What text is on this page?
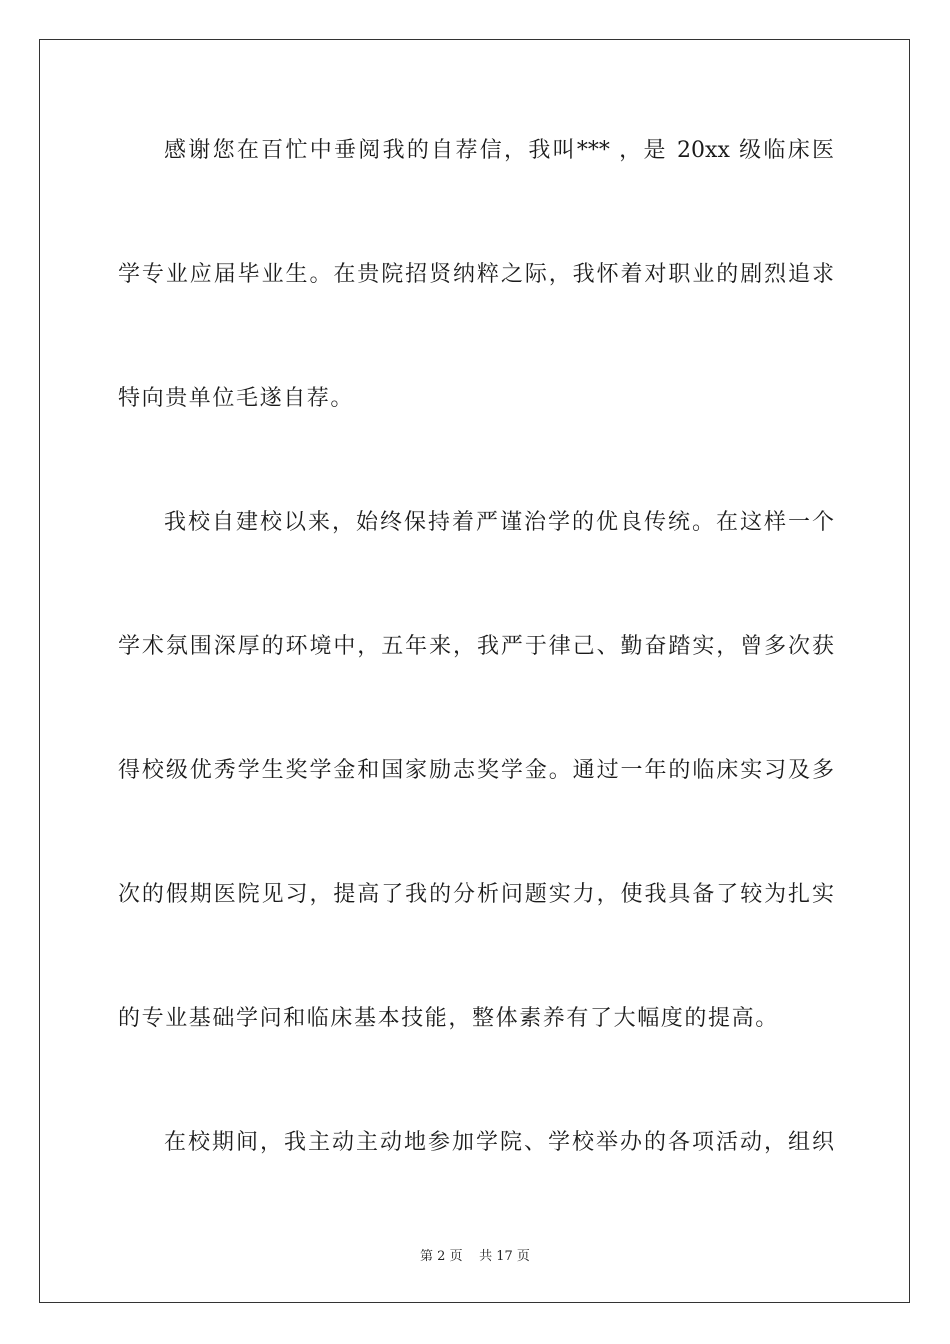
感谢您在百忙中垂阅我的自荐信，我叫*** ，是 20xx 级临床医
学专业应届毕业生。在贵院招贤纳粹之际，我怀着对职业的剧烈追求
特向贵单位毛遂自荐。
我校自建校以来，始终保持着严谨治学的优良传统。在这样一个
学术氛围深厚的环境中，五年来，我严于律己、勤奋踏实，曾多次获
得校级优秀学生奖学金和国家励志奖学金。通过一年的临床实习及多
次的假期医院见习，提高了我的分析问题实力，使我具备了较为扎实
的专业基础学问和临床基本技能，整体素养有了大幅度的提高。
在校期间，我主动主动地参加学院、学校举办的各项活动，组织
第 2 页 共 17 页
